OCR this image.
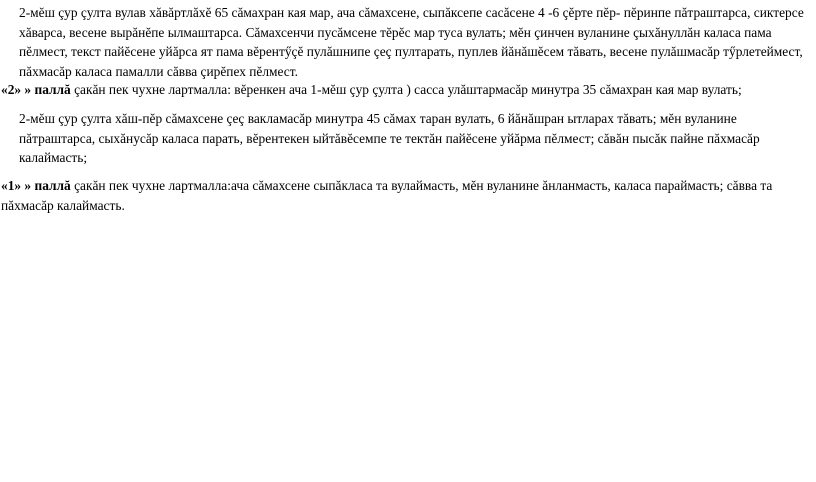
2-мĕш çур çулта вулав хăвăртлăхĕ 65 сăмахран кая мар, ача сăмахсене, сыпăксепе сасăсене 4 -6 çĕрте пĕр- пĕринпе пăтраштарса, сиктерсе хăварса, весене вырăнĕпе ылмаштарса. Сăмахсенчи пусăмсене тĕрĕс мар туса вулать; мĕн çинчен вуланине çыхăнуллăн каласа пама пĕлмест, текст пайĕсене уйăрса ят пама вĕрентӳçĕ пулăшнипе çеç пултарать, пуплев йăнăшĕсем тăвать, весене пулăшмасăр тӳрлетеймест, пăхмасăр каласа памалли сăвва çирĕпех пĕлмест.

«2» » паллă çакăн пек чухне лартмалла: вĕренкен ача 1-мĕш çур çулта ) сасса улăштармасăр минутра 35 сăмахран кая мар вулать;

2-мĕш çур çулта хăш-пĕр сăмахсене çеç вакламасăр минутра 45 сăмах таран вулать, 6 йăнăшран ытларах тăвать; мĕн вуланине пăтраштарса, сыхăнусăр каласа парать, вĕрентекен ыйтăвĕсемпе те тектăн пайĕсене уйăрма пĕлмест; сăвăн пысăк пайне пăхмасăр калаймасть;

«1» » паллă çакăн пек чухне лартмалла:ача сăмахсене сыпăкласа та вулаймасть, мĕн вуланине ăнланмасть, каласа параймасть; сăвва та пăхмасăр калаймасть.
